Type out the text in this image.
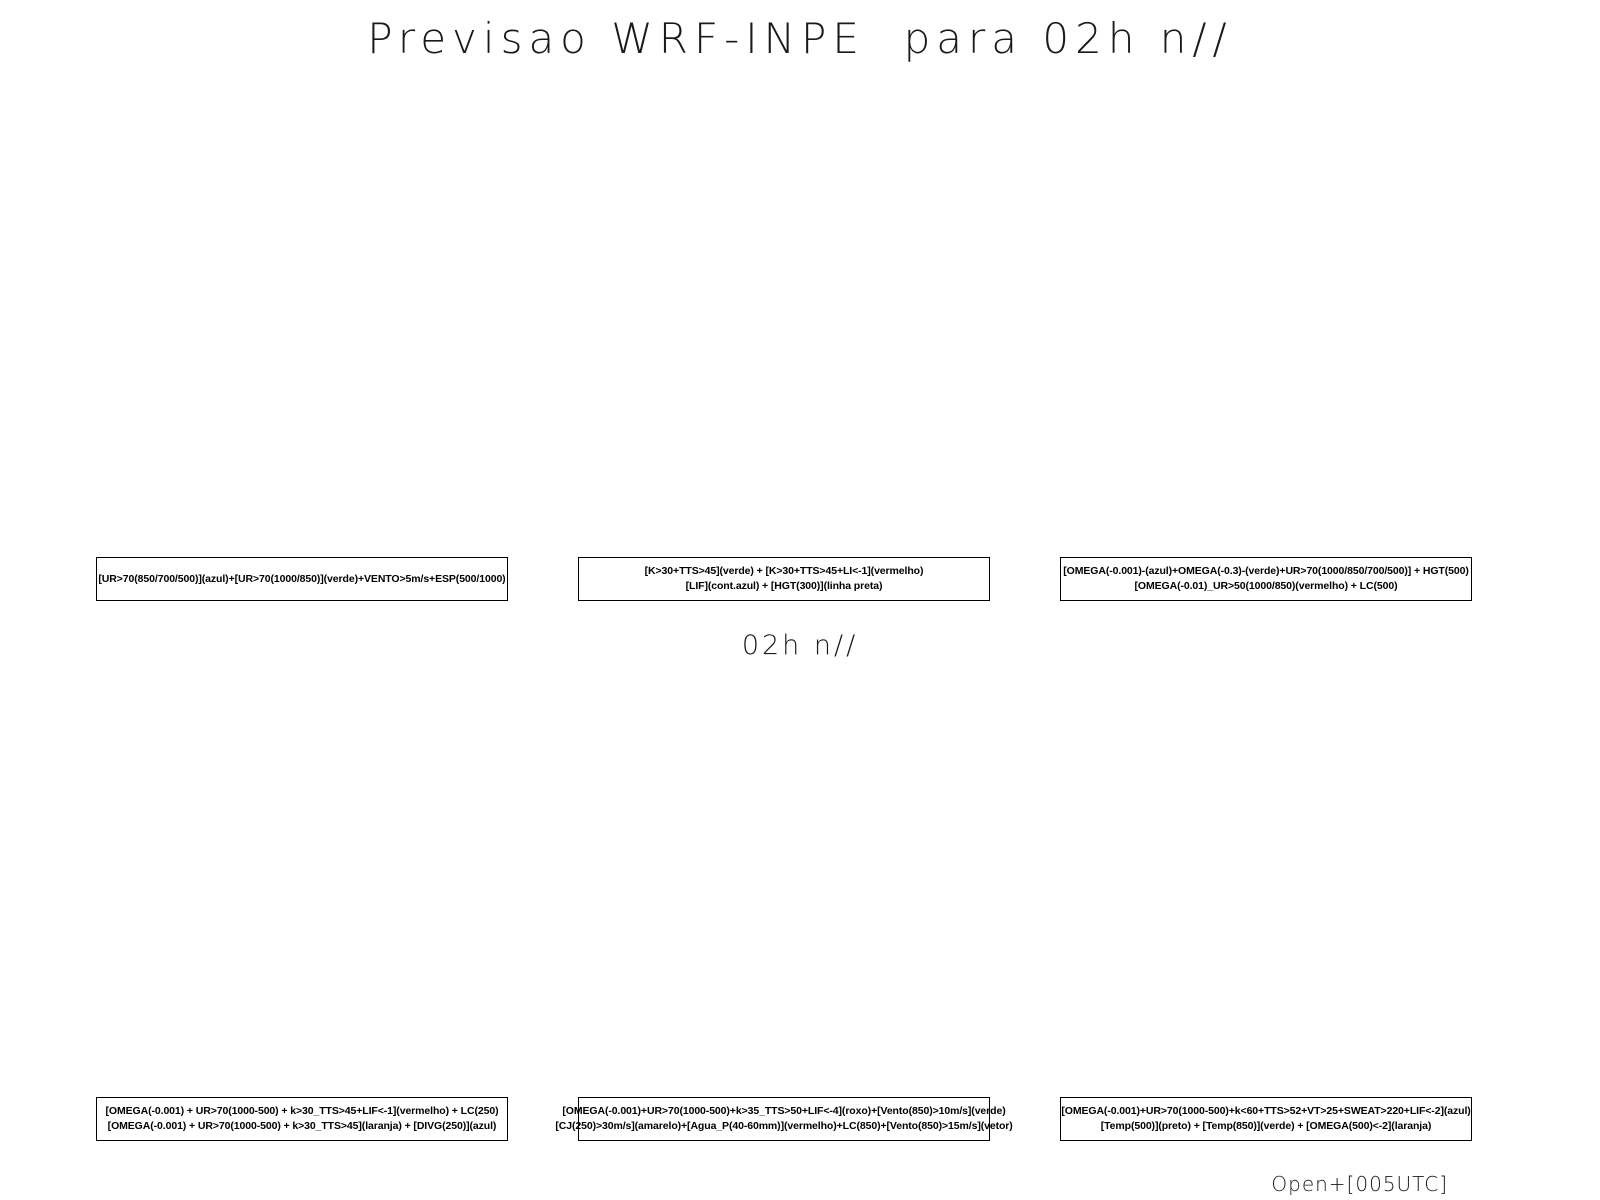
Previsao WRF-INPE  para 02h n//
[UR>70(850/700/500)](azul)+[UR>70(1000/850)](verde)+VENTO>5m/s+ESP(500/1000)
[K>30+TTS>45](verde) + [K>30+TTS>45+LI<-1](vermelho)
[LIF](cont.azul) + [HGT(300)](linha preta)
[OMEGA(-0.001)-(azul)+OMEGA(-0.3)-(verde)+UR>70(1000/850/700/500)] + HGT(500)
[OMEGA(-0.01)_UR>50(1000/850)(vermelho) + LC(500)
02h n//
[OMEGA(-0.001) + UR>70(1000-500) + k>30_TTS>45+LIF<-1](vermelho) + LC(250)
[OMEGA(-0.001) + UR>70(1000-500) + k>30_TTS>45](laranja) + [DIVG(250)](azul)
[OMEGA(-0.001)+UR>70(1000-500)+k>35_TTS>50+LIF<-4](roxo)+[Vento(850)>10m/s](verde)
[CJ(250)>30m/s](amarelo)+[Agua_P(40-60mm)](vermelho)+LC(850)+[Vento(850)>15m/s](vetor)
[OMEGA(-0.001)+UR>70(1000-500)+k<60+TTS>52+VT>25+SWEAT>220+LIF<-2](azul)
[Temp(500)](preto) + [Temp(850)](verde) + [OMEGA(500)<-2](laranja)
Open+[005UTC]
